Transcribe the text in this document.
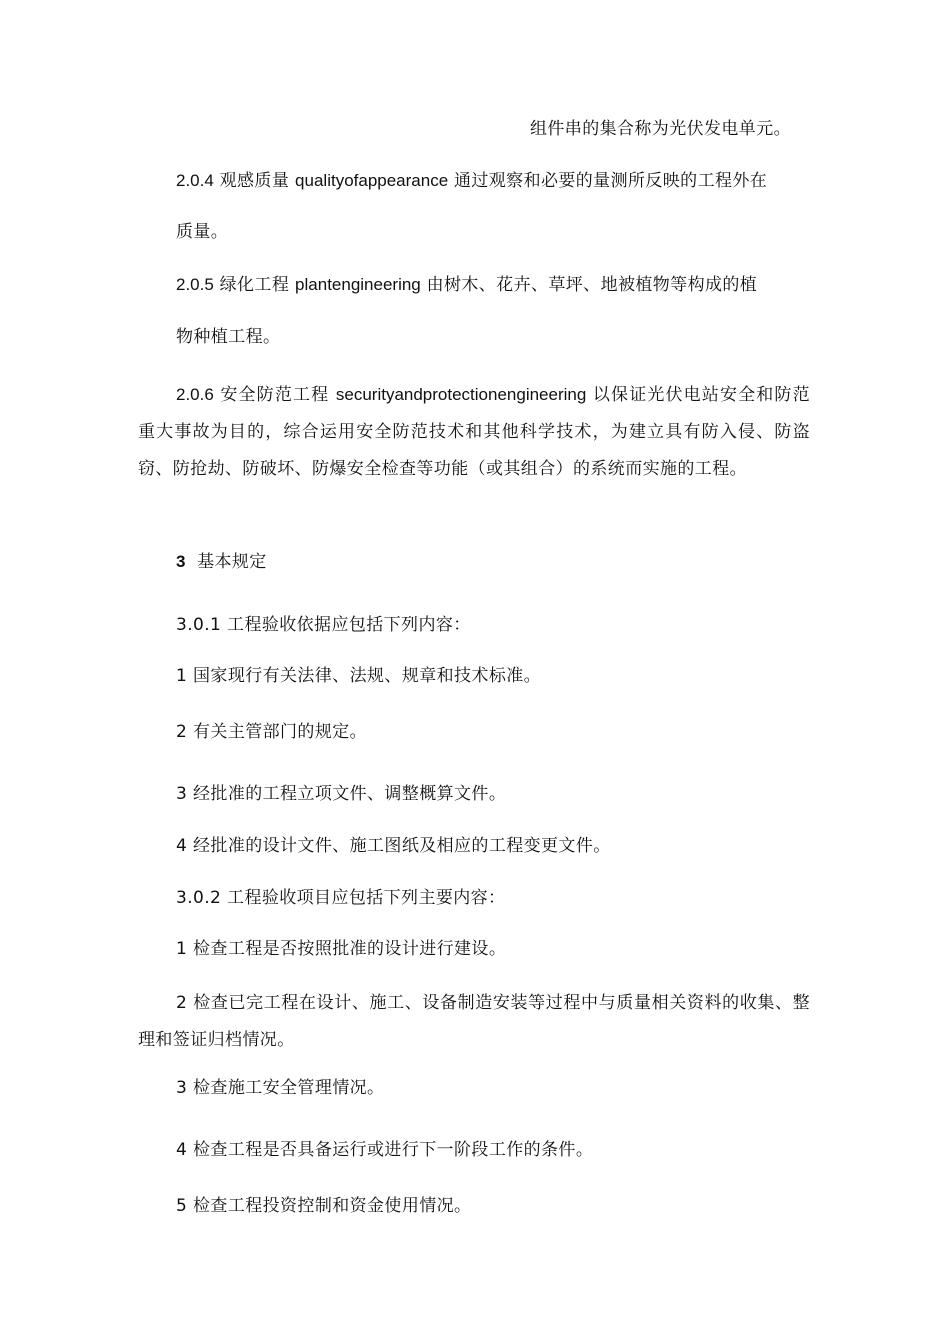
组件串的集合称为光伏发电单元。
2.0.4 观感质量 qualityofappearance 通过观察和必要的量测所反映的工程外在
质量。
2.0.5 绿化工程 plantengineering 由树木、花卉、草坪、地被植物等构成的植
物种植工程。
2.0.6 安全防范工程 securityandprotectionengineering 以保证光伏电站安全和防范重大事故为目的，综合运用安全防范技术和其他科学技术，为建立具有防入侵、防盗窃、防抢劫、防破坏、防爆安全检查等功能（或其组合）的系统而实施的工程。
3 基本规定
3.0.1 工程验收依据应包括下列内容：
1 国家现行有关法律、法规、规章和技术标准。
2 有关主管部门的规定。
3 经批准的工程立项文件、调整概算文件。
4 经批准的设计文件、施工图纸及相应的工程变更文件。
3.0.2 工程验收项目应包括下列主要内容：
1 检查工程是否按照批准的设计进行建设。
2 检查已完工程在设计、施工、设备制造安装等过程中与质量相关资料的收集、整理和签证归档情况。
3 检查施工安全管理情况。
4 检查工程是否具备运行或进行下一阶段工作的条件。
5 检查工程投资控制和资金使用情况。
